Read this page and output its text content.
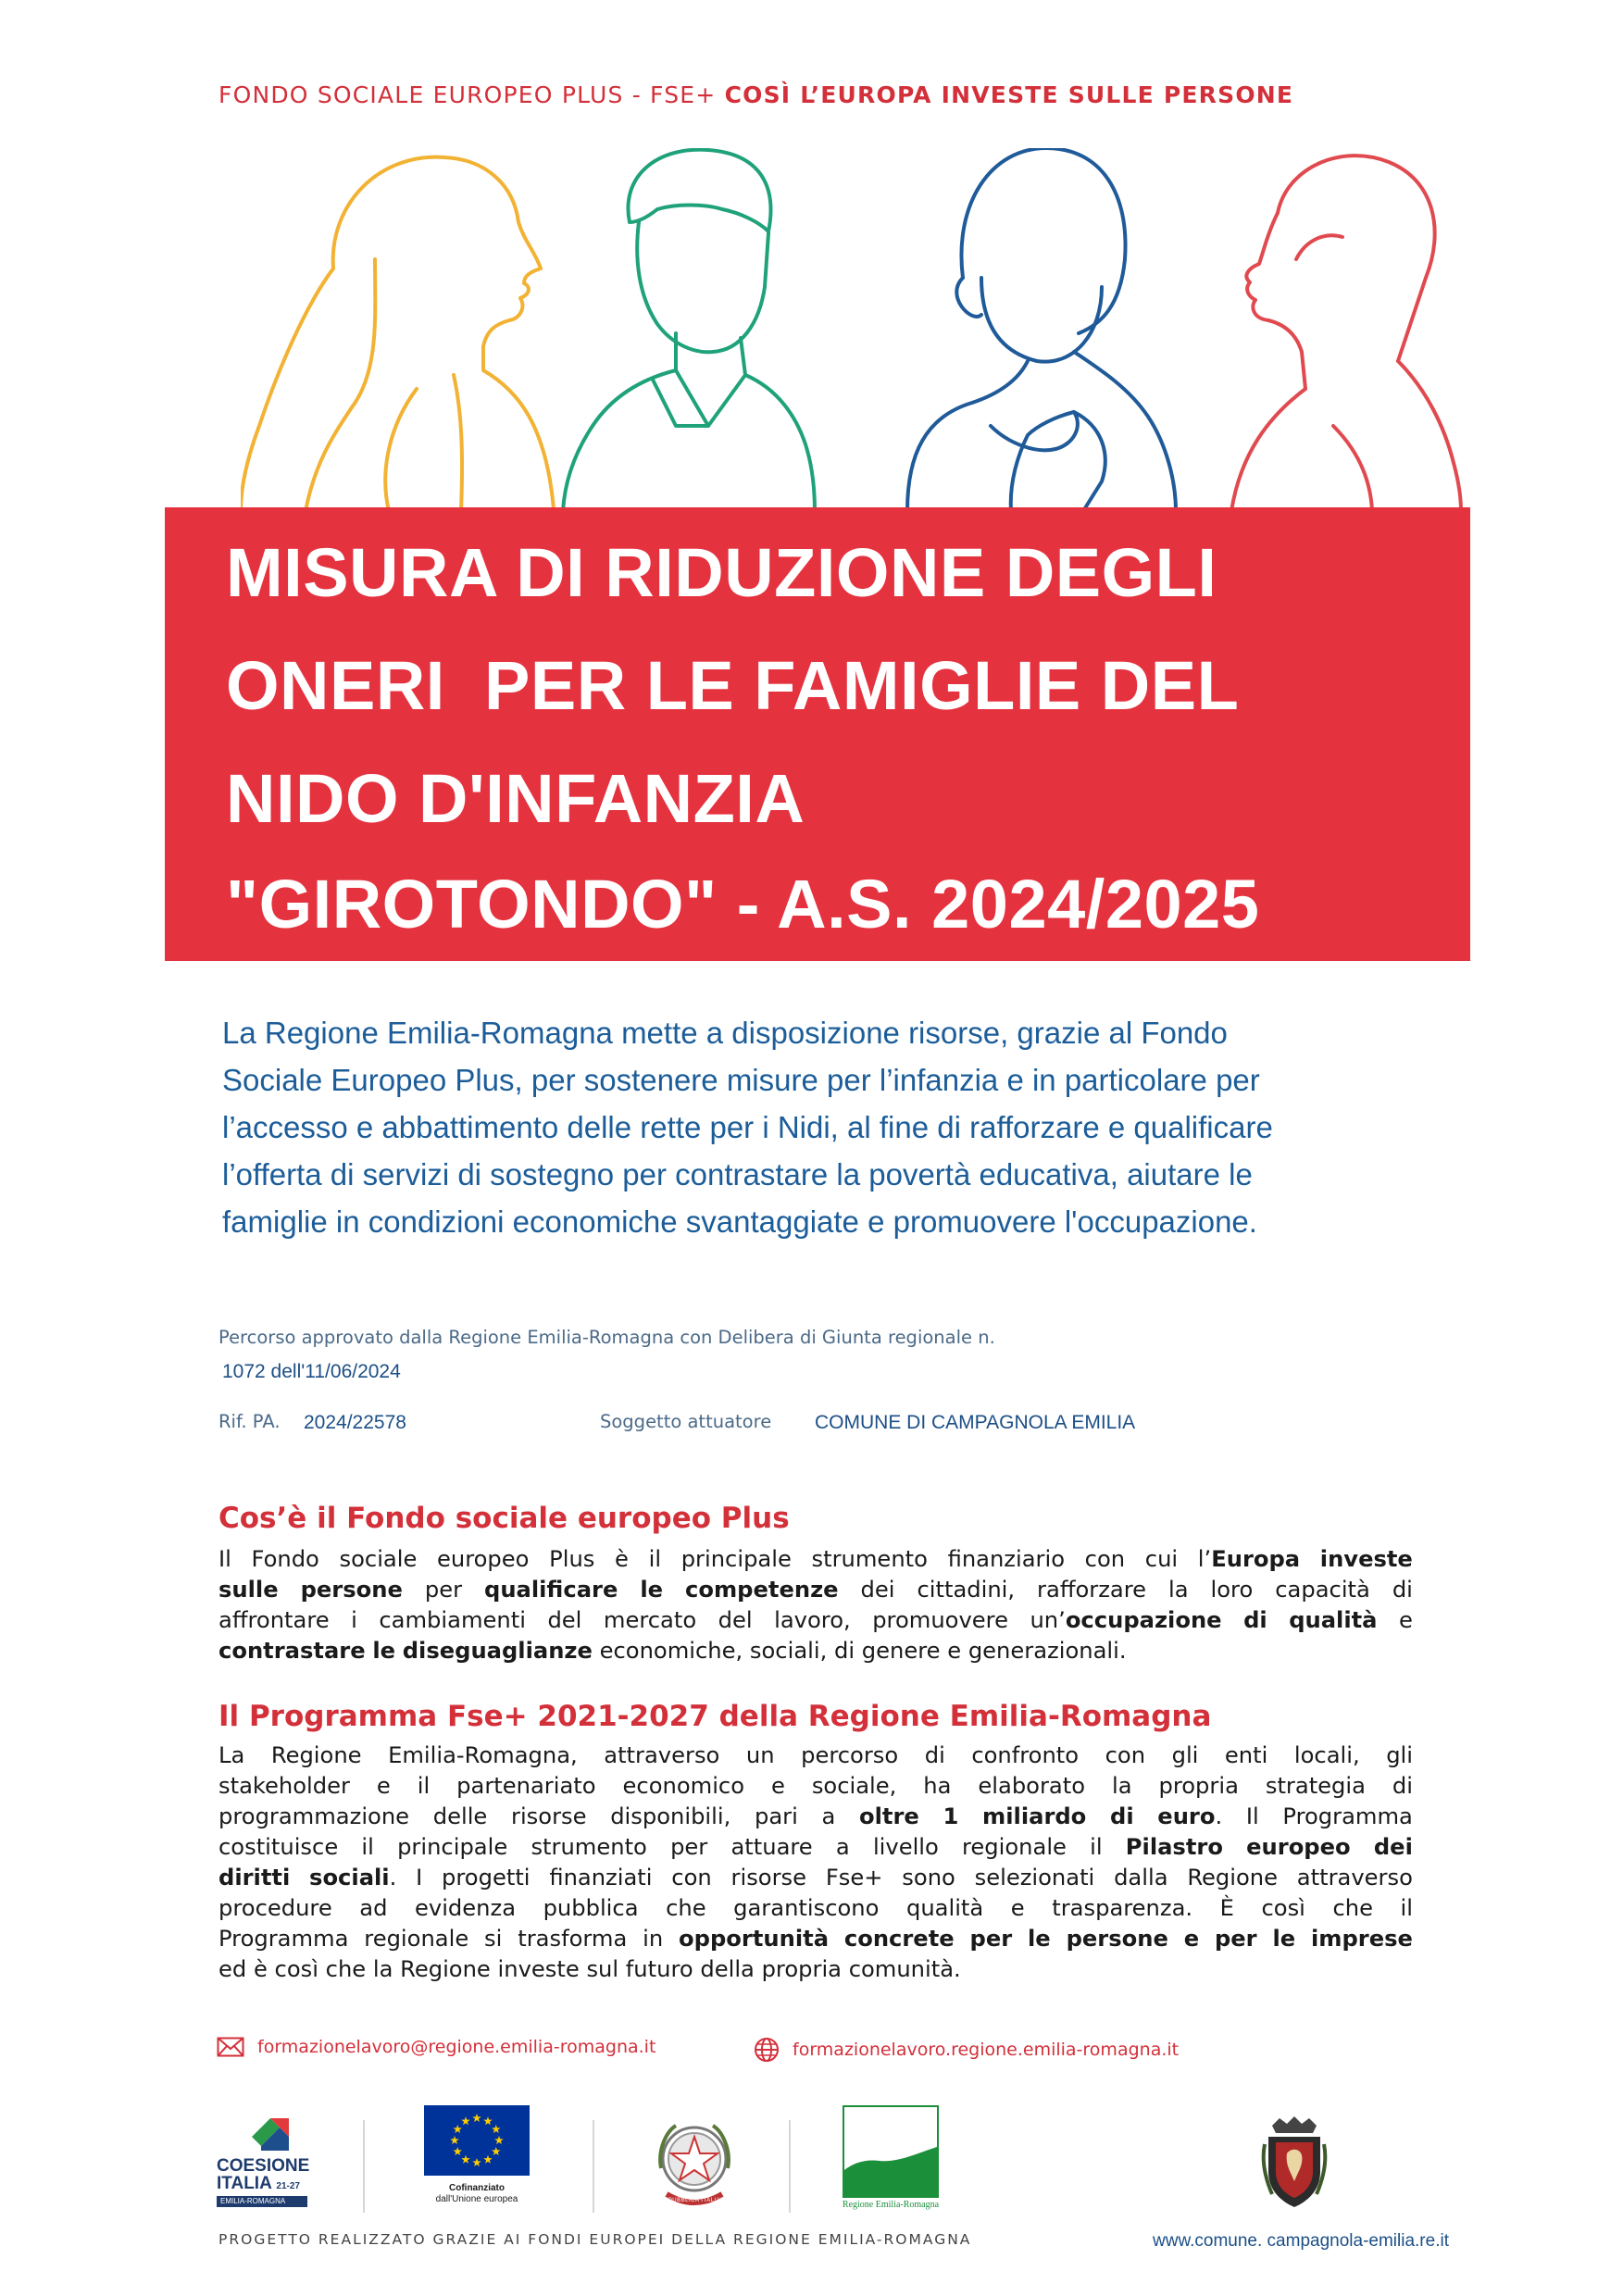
FONDO SOCIALE EUROPEO PLUS - FSE+ COSÌ L’EUROPA INVESTE SULLE PERSONE
MISURA DI RIDUZIONE DEGLI
ONERI  PER LE FAMIGLIE DEL
NIDO D'INFANZIA
"GIROTONDO" - A.S. 2024/2025
La Regione Emilia-Romagna mette a disposizione risorse, grazie al Fondo
Sociale Europeo Plus, per sostenere misure per l’infanzia e in particolare per
l’accesso e abbattimento delle rette per i Nidi, al fine di rafforzare e qualificare
l’offerta di servizi di sostegno per contrastare la povertà educativa, aiutare le
famiglie in condizioni economiche svantaggiate e promuovere l'occupazione.
Percorso approvato dalla Regione Emilia-Romagna con Delibera di Giunta regionale n.
1072 dell'11/06/2024
Rif. PA. 2024/22578	Soggetto attuatore COMUNE DI CAMPAGNOLA EMILIA
Cos’è il Fondo sociale europeo Plus
Il Fondo sociale europeo Plus è il principale strumento finanziario con cui l’Europa investe
sulle persone per qualificare le competenze dei cittadini, rafforzare la loro capacità di
affrontare i cambiamenti del mercato del lavoro, promuovere un’occupazione di qualità e
contrastare le diseguaglianze economiche, sociali, di genere e generazionali.
Il Programma Fse+ 2021-2027 della Regione Emilia-Romagna
La Regione Emilia-Romagna, attraverso un percorso di confronto con gli enti locali, gli
stakeholder e il partenariato economico e sociale, ha elaborato la propria strategia di
programmazione delle risorse disponibili, pari a oltre 1 miliardo di euro. Il Programma
costituisce il principale strumento per attuare a livello regionale il Pilastro europeo dei
diritti sociali. I progetti finanziati con risorse Fse+ sono selezionati dalla Regione attraverso
procedure ad evidenza pubblica che garantiscono qualità e trasparenza. È così che il
Programma regionale si trasforma in opportunità concrete per le persone e per le imprese
ed è così che la Regione investe sul futuro della propria comunità.
formazionelavoro@regione.emilia-romagna.it	formazionelavoro.regione.emilia-romagna.it
COESIONE
ITALIA 21-27
EMILIA-ROMAGNA
Cofinanziato
dall'Unione europea	REPUBBLICA ITALIANA	Regione Emilia-Romagna
PROGETTO REALIZZATO GRAZIE AI FONDI EUROPEI DELLA REGIONE EMILIA-ROMAGNA	www.comune. campagnola-emilia.re.it
